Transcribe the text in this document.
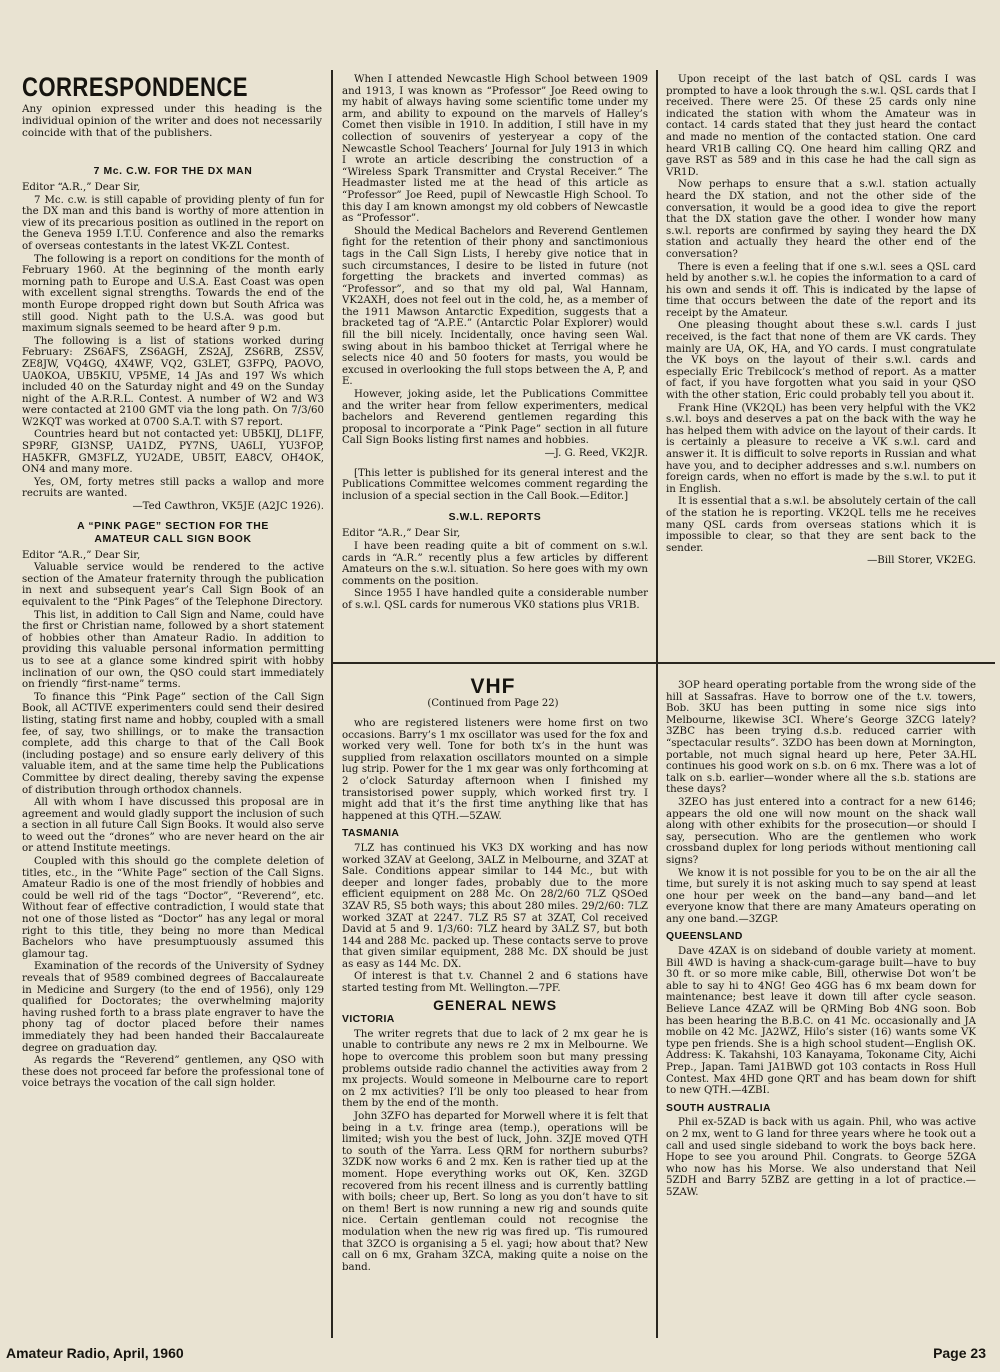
CORRESPONDENCE
Any opinion expressed under this heading is the individual opinion of the writer and does not necessarily coincide with that of the publishers.
7 Mc. C.W. FOR THE DX MAN

Editor “A.R.,” Dear Sir,

7 Mc. c.w. is still capable of providing plenty of fun for the DX man and this band is worthy of more attention in view of its precarious position as outlined in the report on the Geneva 1959 I.T.U. Conference and also the remarks of overseas contestants in the latest VK-ZL Contest.

The following is a report on conditions for the month of February 1960. At the beginning of the month early morning path to Europe and U.S.A. East Coast was open with excellent signal strengths. Towards the end of the month Europe dropped right down but South Africa was still good. Night path to the U.S.A. was good but maximum signals seemed to be heard after 9 p.m.

The following is a list of stations worked during February: ZS6AFS, ZS6AGH, ZS2AJ, ZS6RB, ZS5V, ZE8JW, VQ4GQ, 4X4WF, VQ2, G3LET, G3FPQ, PAOVO, UA0KOA, UB5KIU, VP5ME, 14 JAs and 197 Ws which included 40 on the Saturday night and 49 on the Sunday night of the A.R.R.L. Contest. A number of W2 and W3 were contacted at 2100 GMT via the long path. On 7/3/60 W2KQT was worked at 0700 S.A.T. with S7 report.

Countries heard but not contacted yet: UB5KIJ, DL1FF, SP9RF, GI3NSP, UA1DZ, PY7NS, UA6LI, YU3FOP, HA5KFR, GM3FLZ, YU2ADE, UB5IT, EA8CV, OH4OK, ON4 and many more.

Yes, OM, forty metres still packs a wallop and more recruits are wanted.

—Ted Cawthron, VK5JE (A2JC 1926).

A “PINK PAGE” SECTION FOR THE
AMATEUR CALL SIGN BOOK

Editor “A.R.,” Dear Sir,

Valuable service would be rendered to the active section of the Amateur fraternity through the publication in next and subsequent year’s Call Sign Book of an equivalent to the “Pink Pages” of the Telephone Directory.

This list, in addition to Call Sign and Name, could have the first or Christian name, followed by a short statement of hobbies other than Amateur Radio. In addition to providing this valuable personal information permitting us to see at a glance some kindred spirit with hobby inclination of our own, the QSO could start immediately on friendly “first-name” terms.

To finance this “Pink Page” section of the Call Sign Book, all ACTIVE experimenters could send their desired listing, stating first name and hobby, coupled with a small fee, of say, two shillings, or to make the transaction complete, add this charge to that of the Call Book (including postage) and so ensure early delivery of this valuable item, and at the same time help the Publications Committee by direct dealing, thereby saving the expense of distribution through orthodox channels.

All with whom I have discussed this proposal are in agreement and would gladly support the inclusion of such a section in all future Call Sign Books. It would also serve to weed out the “drones” who are never heard on the air or attend Institute meetings.

Coupled with this should go the complete deletion of titles, etc., in the “White Page” section of the Call Signs. Amateur Radio is one of the most friendly of hobbies and could be well rid of the tags “Doctor”, “Reverend”, etc. Without fear of effective contradiction, I would state that not one of those listed as “Doctor” has any legal or moral right to this title, they being no more than Medical Bachelors who have presumptuously assumed this glamour tag.

Examination of the records of the University of Sydney reveals that of 9589 combined degrees of Baccalaureate in Medicine and Surgery (to the end of 1956), only 129 qualified for Doctorates; the overwhelming majority having rushed forth to a brass plate engraver to have the phony tag of doctor placed before their names immediately they had been handed their Baccalaureate degree on graduation day.

As regards the “Reverend” gentlemen, any QSO with these does not proceed far before the professional tone of voice betrays the vocation of the call sign holder.

When I attended Newcastle High School between 1909 and 1913, I was known as “Professor” Joe Reed owing to my habit of always having some scientific tome under my arm, and ability to expound on the marvels of Halley’s Comet then visible in 1910. In addition, I still have in my collection of souvenirs of yesteryear a copy of the Newcastle School Teachers’ Journal for July 1913 in which I wrote an article describing the construction of a “Wireless Spark Transmitter and Crystal Receiver.” The Headmaster listed me at the head of this article as “Professor” Joe Reed, pupil of Newcastle High School. To this day I am known amongst my old cobbers of Newcastle as “Professor”.

Should the Medical Bachelors and Reverend Gentlemen fight for the retention of their phony and sanctimonious tags in the Call Sign Lists, I hereby give notice that in such circumstances, I desire to be listed in future (not forgetting the brackets and inverted commas) as “Professor”, and so that my old pal, Wal Hannam, VK2AXH, does not feel out in the cold, he, as a member of the 1911 Mawson Antarctic Expedition, suggests that a bracketed tag of “A.P.E.” (Antarctic Polar Explorer) would fill the bill nicely. Incidentally, once having seen Wal. swing about in his bamboo thicket at Terrigal where he selects nice 40 and 50 footers for masts, you would be excused in overlooking the full stops between the A, P, and E.

However, joking aside, let the Publications Committee and the writer hear from fellow experimenters, medical bachelors and Reverend gentlemen regarding this proposal to incorporate a “Pink Page” section in all future Call Sign Books listing first names and hobbies.

—J. G. Reed, VK2JR.

[This letter is published for its general interest and the Publications Committee welcomes comment regarding the inclusion of a special section in the Call Book.—Editor.]

S.W.L. REPORTS

Editor “A.R.,” Dear Sir,

I have been reading quite a bit of comment on s.w.l. cards in “A.R.” recently plus a few articles by different Amateurs on the s.w.l. situation. So here goes with my own comments on the position.

Since 1955 I have handled quite a considerable number of s.w.l. QSL cards for numerous VK0 stations plus VR1B.

Upon receipt of the last batch of QSL cards I was prompted to have a look through the s.w.l. QSL cards that I received. There were 25. Of these 25 cards only nine indicated the station with whom the Amateur was in contact. 14 cards stated that they just heard the contact and made no mention of the contacted station. One card heard VR1B calling CQ. One heard him calling QRZ and gave RST as 589 and in this case he had the call sign as VR1D.

Now perhaps to ensure that a s.w.l. station actually heard the DX station, and not the other side of the conversation, it would be a good idea to give the report that the DX station gave the other. I wonder how many s.w.l. reports are confirmed by saying they heard the DX station and actually they heard the other end of the conversation?

There is even a feeling that if one s.w.l. sees a QSL card held by another s.w.l. he copies the information to a card of his own and sends it off. This is indicated by the lapse of time that occurs between the date of the report and its receipt by the Amateur.

One pleasing thought about these s.w.l. cards I just received, is the fact that none of them are VK cards. They mainly are UA, OK, HA, and YO cards. I must congratulate the VK boys on the layout of their s.w.l. cards and especially Eric Trebilcock’s method of report. As a matter of fact, if you have forgotten what you said in your QSO with the other station, Eric could probably tell you about it.

Frank Hine (VK2QL) has been very helpful with the VK2 s.w.l. boys and deserves a pat on the back with the way he has helped them with advice on the layout of their cards. It is certainly a pleasure to receive a VK s.w.l. card and answer it. It is difficult to solve reports in Russian and what have you, and to decipher addresses and s.w.l. numbers on foreign cards, when no effort is made by the s.w.l. to put it in English.

It is essential that a s.w.l. be absolutely certain of the call of the station he is reporting. VK2QL tells me he receives many QSL cards from overseas stations which it is impossible to clear, so that they are sent back to the sender.

—Bill Storer, VK2EG.

VHF
(Continued from Page 22)

who are registered listeners were home first on two occasions. Barry’s 1 mx oscillator was used for the fox and worked very well. Tone for both tx’s in the hunt was supplied from relaxation oscillators mounted on a simple lug strip. Power for the 1 mx gear was only forthcoming at 2 o’clock Saturday afternoon when I finished my transistorised power supply, which worked first try. I might add that it’s the first time anything like that has happened at this QTH.—5ZAW.

TASMANIA

7LZ has continued his VK3 DX working and has now worked 3ZAV at Geelong, 3ALZ in Melbourne, and 3ZAT at Sale. Conditions appear similar to 144 Mc., but with deeper and longer fades, probably due to the more efficient equipment on 288 Mc. On 28/2/60 7LZ QSOed 3ZAV R5, S5 both ways; this about 280 miles. 29/2/60: 7LZ worked 3ZAT at 2247. 7LZ R5 S7 at 3ZAT, Col received David at 5 and 9. 1/3/60: 7LZ heard by 3ALZ S7, but both 144 and 288 Mc. packed up. These contacts serve to prove that given similar equipment, 288 Mc. DX should be just as easy as 144 Mc. DX.

Of interest is that t.v. Channel 2 and 6 stations have started testing from Mt. Wellington.—7PF.

GENERAL NEWS
VICTORIA

The writer regrets that due to lack of 2 mx gear he is unable to contribute any news re 2 mx in Melbourne. We hope to overcome this problem soon but many pressing problems outside radio channel the activities away from 2 mx projects. Would someone in Melbourne care to report on 2 mx activities? I’ll be only too pleased to hear from them by the end of the month.

John 3ZFO has departed for Morwell where it is felt that being in a t.v. fringe area (temp.), operations will be limited; wish you the best of luck, John. 3ZJE moved QTH to south of the Yarra. Less QRM for northern suburbs? 3ZDK now works 6 and 2 mx. Ken is rather tied up at the moment. Hope everything works out OK, Ken. 3ZGD recovered from his recent illness and is currently battling with boils; cheer up, Bert. So long as you don’t have to sit on them! Bert is now running a new rig and sounds quite nice. Certain gentleman could not recognise the modulation when the new rig was fired up. ’Tis rumoured that 3ZCO is organising a 5 el. yagi; how about that? New call on 6 mx, Graham 3ZCA, making quite a noise on the band.

3OP heard operating portable from the wrong side of the hill at Sassafras. Have to borrow one of the t.v. towers, Bob. 3KU has been putting in some nice sigs into Melbourne, likewise 3CI. Where’s George 3ZCG lately? 3ZBC has been trying d.s.b. reduced carrier with “spectacular results”. 3ZDO has been down at Mornington, portable, not much signal heard up here, Peter 3A.HL continues his good work on s.b. on 6 mx. There was a lot of talk on s.b. earlier—wonder where all the s.b. stations are these days?

3ZEO has just entered into a contract for a new 6146; appears the old one will now mount on the shack wall along with other exhibits for the prosecution—or should I say, persecution. Who are the gentlemen who work crossband duplex for long periods without mentioning call signs?

We know it is not possible for you to be on the air all the time, but surely it is not asking much to say spend at least one hour per week on the band—any band—and let everyone know that there are many Amateurs operating on any one band.—3ZGP.

QUEENSLAND

Dave 4ZAX is on sideband of double variety at moment. Bill 4WD is having a shack-cum-garage built—have to buy 30 ft. or so more mike cable, Bill, otherwise Dot won’t be able to say hi to 4NG! Geo 4GG has 6 mx beam down for maintenance; best leave it down till after cycle season. Believe Lance 4ZAZ will be QRMing Bob 4NG soon. Bob has been hearing the B.B.C. on 41 Mc. occasionally and JA mobile on 42 Mc. JA2WZ, Hilo’s sister (16) wants some VK type pen friends. She is a high school student—English OK. Address: K. Takahshi, 103 Kanayama, Tokoname City, Aichi Prep., Japan. Tami JA1BWD got 103 contacts in Ross Hull Contest. Max 4HD gone QRT and has beam down for shift to new QTH.—4ZBI.

SOUTH AUSTRALIA

Phil ex-5ZAD is back with us again. Phil, who was active on 2 mx, went to G land for three years where he took out a call and used single sideband to work the boys back here. Hope to see you around Phil. Congrats. to George 5ZGA who now has his Morse. We also understand that Neil 5ZDH and Barry 5ZBZ are getting in a lot of practice.—5ZAW.

Amateur Radio, April, 1960	Page 23
